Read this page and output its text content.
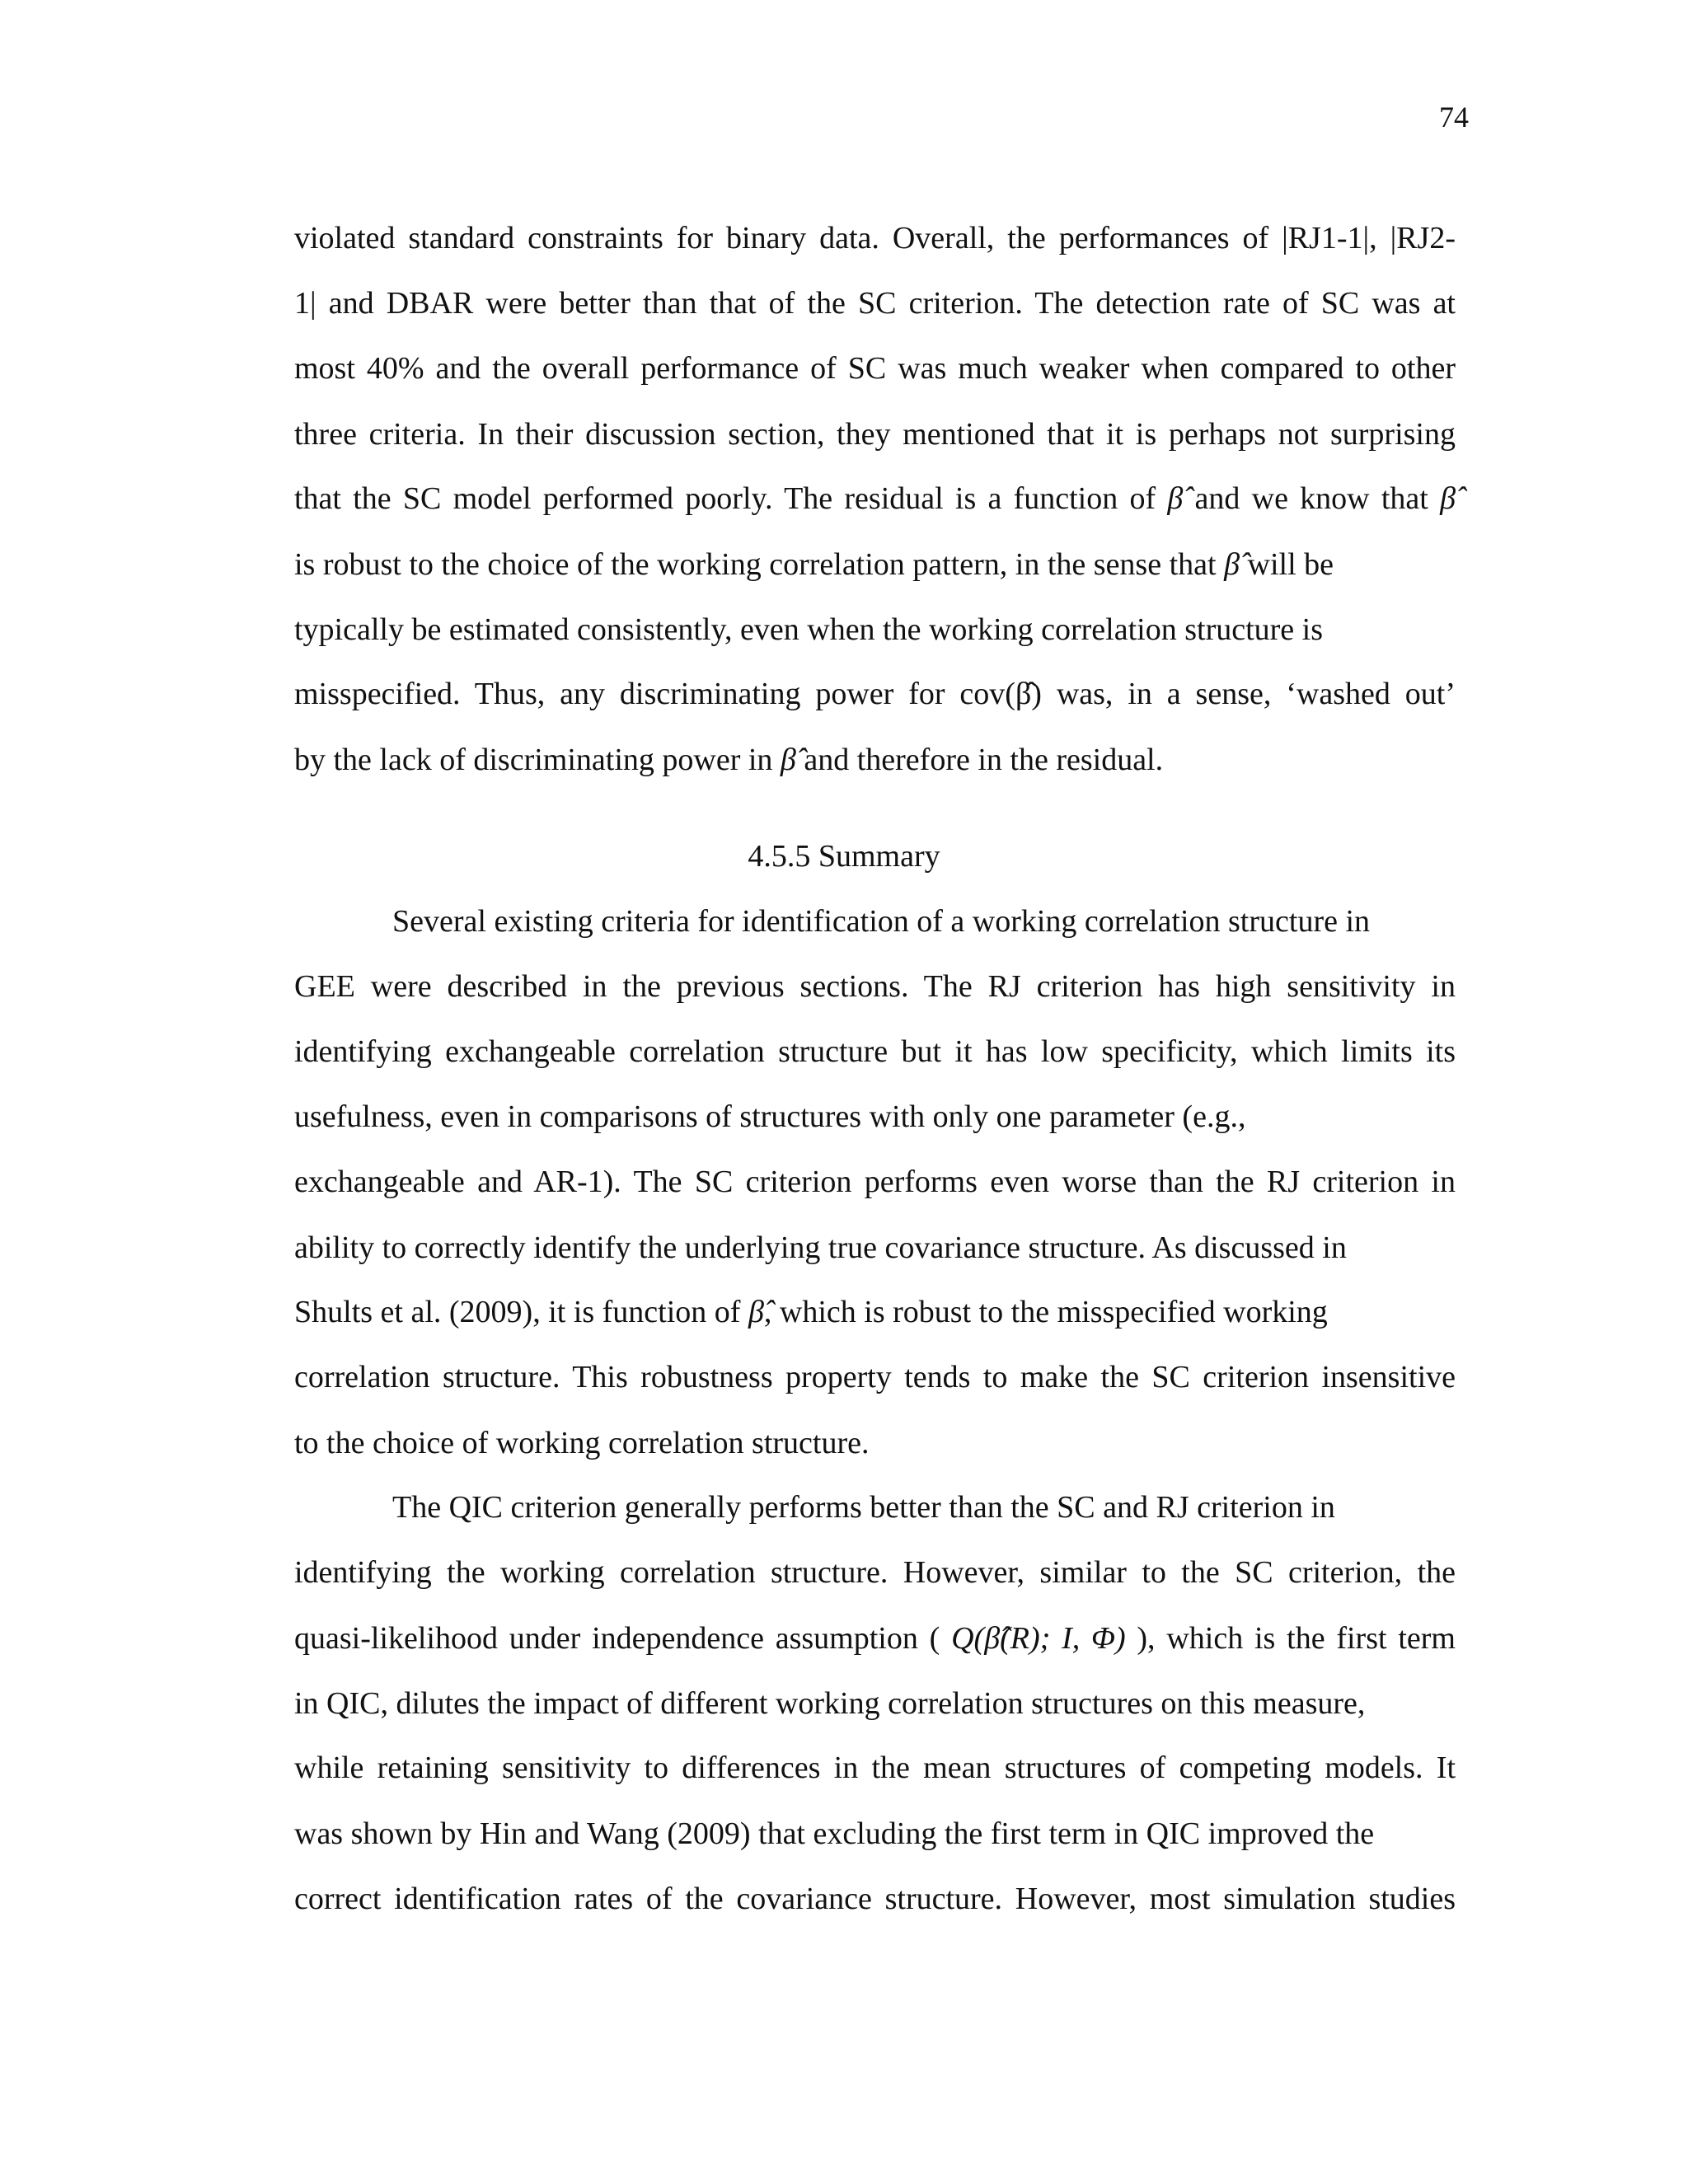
74
violated standard constraints for binary data. Overall, the performances of |RJ1-1|, |RJ2-
1| and DBAR were better than that of the SC criterion. The detection rate of SC was at
most 40% and the overall performance of SC was much weaker when compared to other
three criteria. In their discussion section, they mentioned that it is perhaps not surprising
that the SC model performed poorly. The residual is a function of β̂ and we know that β̂
is robust to the choice of the working correlation pattern, in the sense that β̂ will be
typically be estimated consistently, even when the working correlation structure is
misspecified. Thus, any discriminating power for cov(β̂) was, in a sense, ‘washed out’
by the lack of discriminating power in β̂ and therefore in the residual.
4.5.5 Summary
Several existing criteria for identification of a working correlation structure in
GEE were described in the previous sections. The RJ criterion has high sensitivity in
identifying exchangeable correlation structure but it has low specificity, which limits its
usefulness, even in comparisons of structures with only one parameter (e.g.,
exchangeable and AR-1). The SC criterion performs even worse than the RJ criterion in
ability to correctly identify the underlying true covariance structure. As discussed in
Shults et al. (2009), it is function of β̂, which is robust to the misspecified working
correlation structure. This robustness property tends to make the SC criterion insensitive
to the choice of working correlation structure.
The QIC criterion generally performs better than the SC and RJ criterion in
identifying the working correlation structure. However, similar to the SC criterion, the
quasi-likelihood under independence assumption ( Q(β̂(R); I, Φ) ), which is the first term
in QIC, dilutes the impact of different working correlation structures on this measure,
while retaining sensitivity to differences in the mean structures of competing models. It
was shown by Hin and Wang (2009) that excluding the first term in QIC improved the
correct identification rates of the covariance structure. However, most simulation studies
